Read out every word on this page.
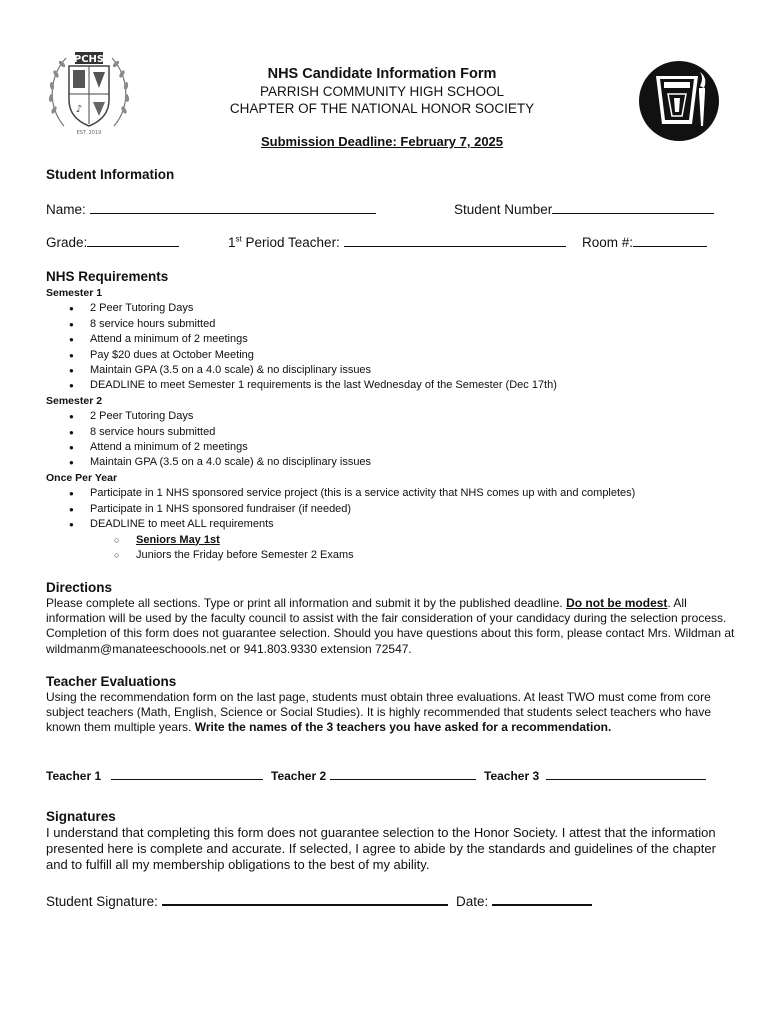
♪
PCHS
EST. 2019
NHS Candidate Information Form
PARRISH COMMUNITY HIGH SCHOOL
CHAPTER OF THE NATIONAL HONOR SOCIETY
Submission Deadline: February 7, 2025
Student Information
Name:	Student Number
Grade:	1st Period Teacher:	Room #:
NHS Requirements
Semester 1
● 2 Peer Tutoring Days
● 8 service hours submitted
● Attend a minimum of 2 meetings
● Pay $20 dues at October Meeting
● Maintain GPA (3.5 on a 4.0 scale) & no disciplinary issues
● DEADLINE to meet Semester 1 requirements is the last Wednesday of the Semester (Dec 17th)
Semester 2
● 2 Peer Tutoring Days
● 8 service hours submitted
● Attend a minimum of 2 meetings
● Maintain GPA (3.5 on a 4.0 scale) & no disciplinary issues
Once Per Year
● Participate in 1 NHS sponsored service project (this is a service activity that NHS comes up with and completes)
● Participate in 1 NHS sponsored fundraiser (if needed)
● DEADLINE to meet ALL requirements
○ Seniors May 1st
○ Juniors the Friday before Semester 2 Exams
Directions
Please complete all sections. Type or print all information and submit it by the published deadline. Do not be modest. All information will be used by the faculty council to assist with the fair consideration of your candidacy during the selection process. Completion of this form does not guarantee selection. Should you have questions about this form, please contact Mrs. Wildman at wildmanm@manateeschoools.net or 941.803.9330 extension 72547.
Teacher Evaluations
Using the recommendation form on the last page, students must obtain three evaluations. At least TWO must come from core subject teachers (Math, English, Science or Social Studies). It is highly recommended that students select teachers who have known them multiple years. Write the names of the 3 teachers you have asked for a recommendation.
Teacher 1	Teacher 2	Teacher 3
Signatures
I understand that completing this form does not guarantee selection to the Honor Society. I attest that the information presented here is complete and accurate. If selected, I agree to abide by the standards and guidelines of the chapter and to fulfill all my membership obligations to the best of my ability.
Student Signature:	Date:
